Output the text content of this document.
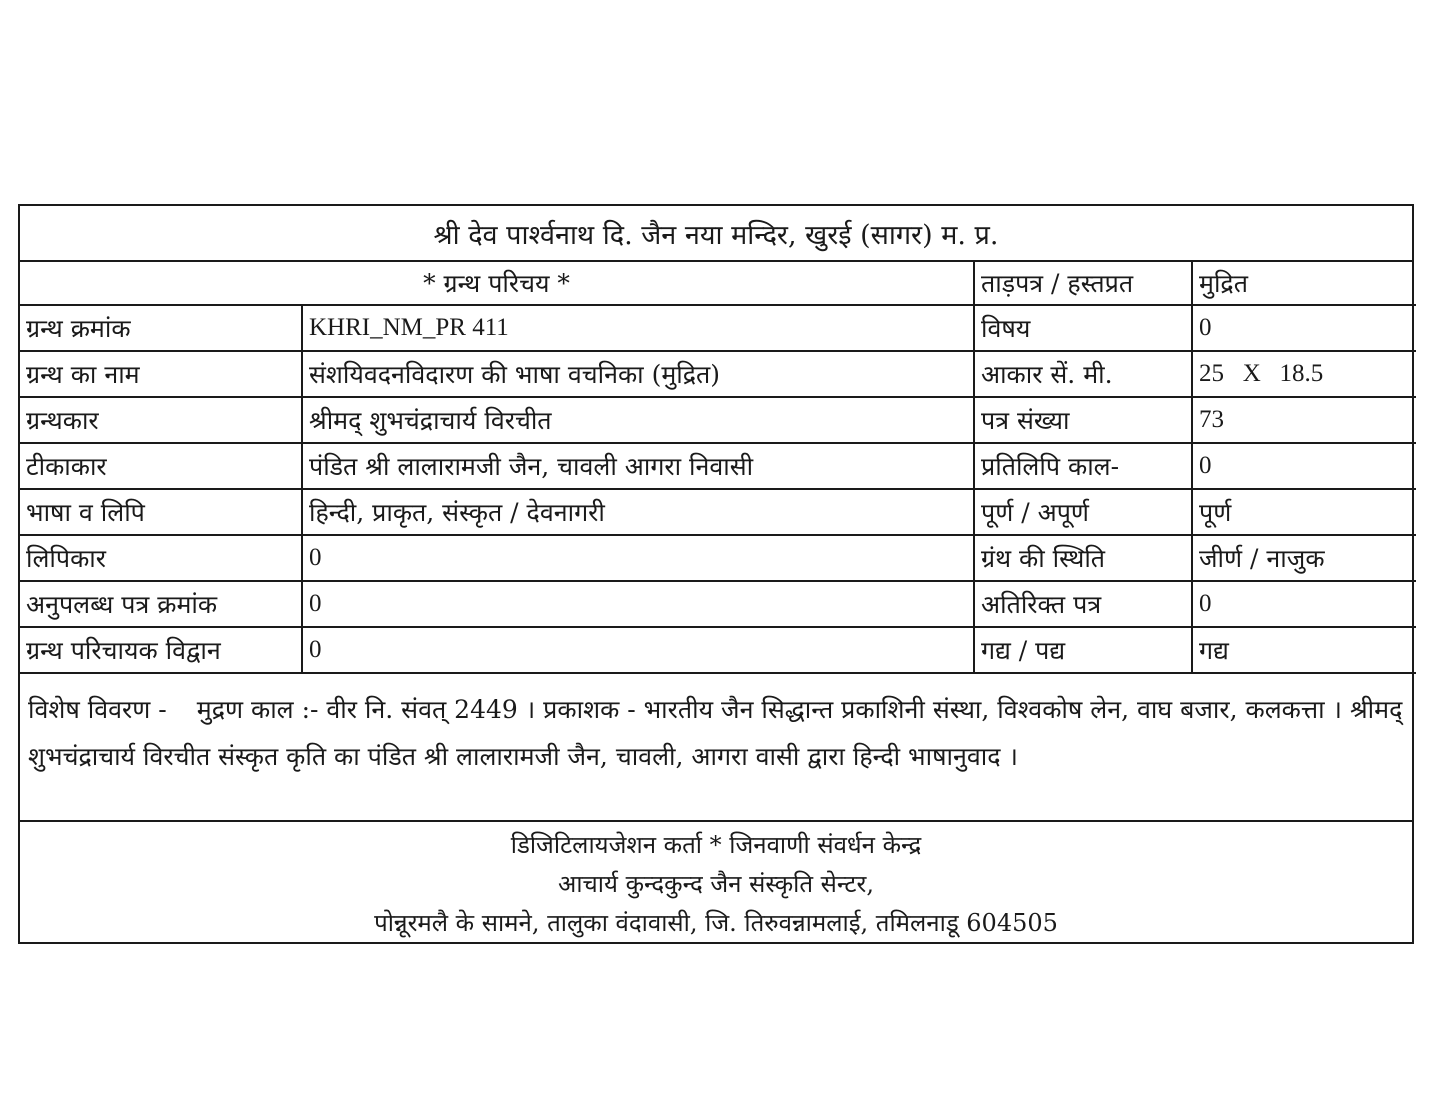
श्री देव पार्श्वनाथ दि. जैन नया मन्दिर, खुरई (सागर) म. प्र.
* ग्रन्थ परिचय *		ताड़पत्र / हस्तप्रत	मुद्रित
ग्रन्थ क्रमांक	KHRI_NM_PR 411	विषय	0
ग्रन्थ का नाम	संशयिवदनविदारण की भाषा वचनिका (मुद्रित)	आकार सें. मी.	25   X   18.5
ग्रन्थकार	श्रीमद् शुभचंद्राचार्य विरचीत	पत्र संख्या	73
टीकाकार	पंडित श्री लालारामजी जैन, चावली आगरा निवासी	प्रतिलिपि काल-	0
भाषा व लिपि	हिन्दी, प्राकृत, संस्कृत / देवनागरी	पूर्ण / अपूर्ण	पूर्ण
लिपिकार	0	ग्रंथ की स्थिति	जीर्ण / नाजुक
अनुपलब्ध पत्र क्रमांक	0	अतिरिक्त पत्र	0
ग्रन्थ परिचायक विद्वान	0	गद्य / पद्य	गद्य
विशेष विवरण - मुद्रण काल :- वीर नि. संवत् 2449 । प्रकाशक - भारतीय जैन सिद्धान्त प्रकाशिनी संस्था, विश्वकोष लेन, वाघ बजार, कलकत्ता । श्रीमद् शुभचंद्राचार्य विरचीत संस्कृत कृति का पंडित श्री लालारामजी जैन, चावली, आगरा वासी द्वारा हिन्दी भाषानुवाद ।
डिजिटिलायजेशन कर्ता * जिनवाणी संवर्धन केन्द्र
आचार्य कुन्दकुन्द जैन संस्कृति सेन्टर,
पोन्नूरमलै के सामने, तालुका वंदावासी, जि. तिरुवन्नामलाई, तमिलनाडू 604505
